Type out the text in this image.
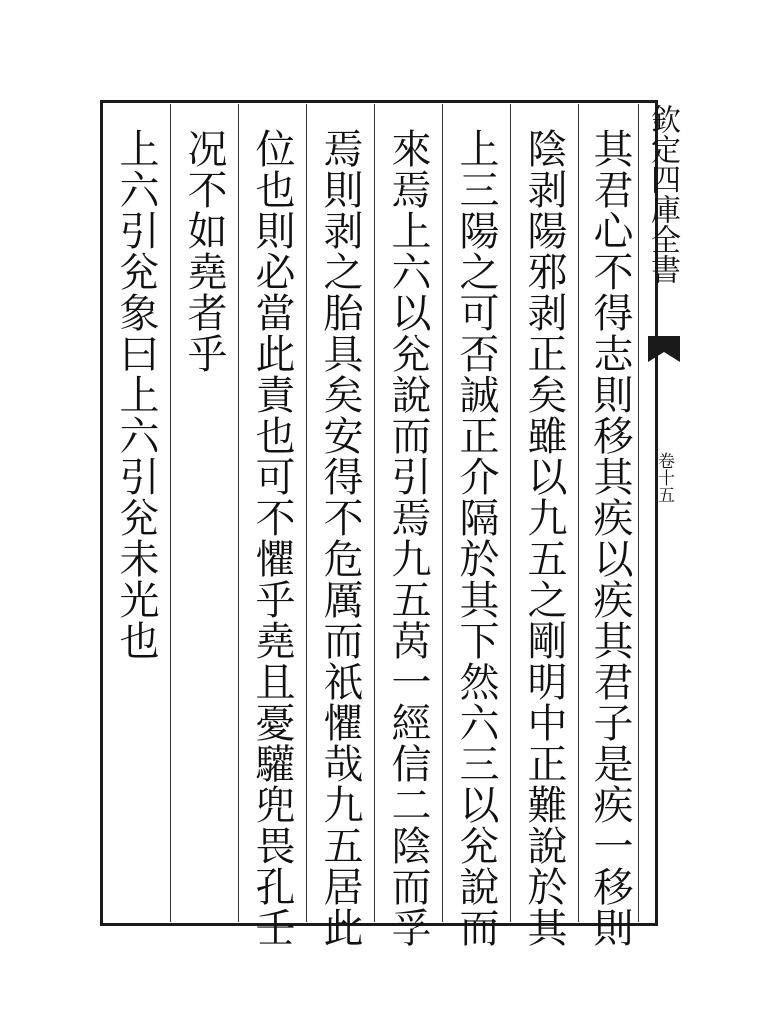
欽定四庫全書
卷十五
其君心不得志則移其疾以疾其君子是疾一移則
陰剥陽邪剥正矣雖以九五之剛明中正難說於其
上三陽之可否誠正介隔於其下然六三以兊說而
來焉上六以兊說而引焉九五莴一經信二陰而孚
焉則剥之胎具矣安得不危厲而祇懼哉九五居此
位也則必當此責也可不懼乎堯且憂驩兜畏孔壬
况不如堯者乎
上六引兊象曰上六引兊未光也
